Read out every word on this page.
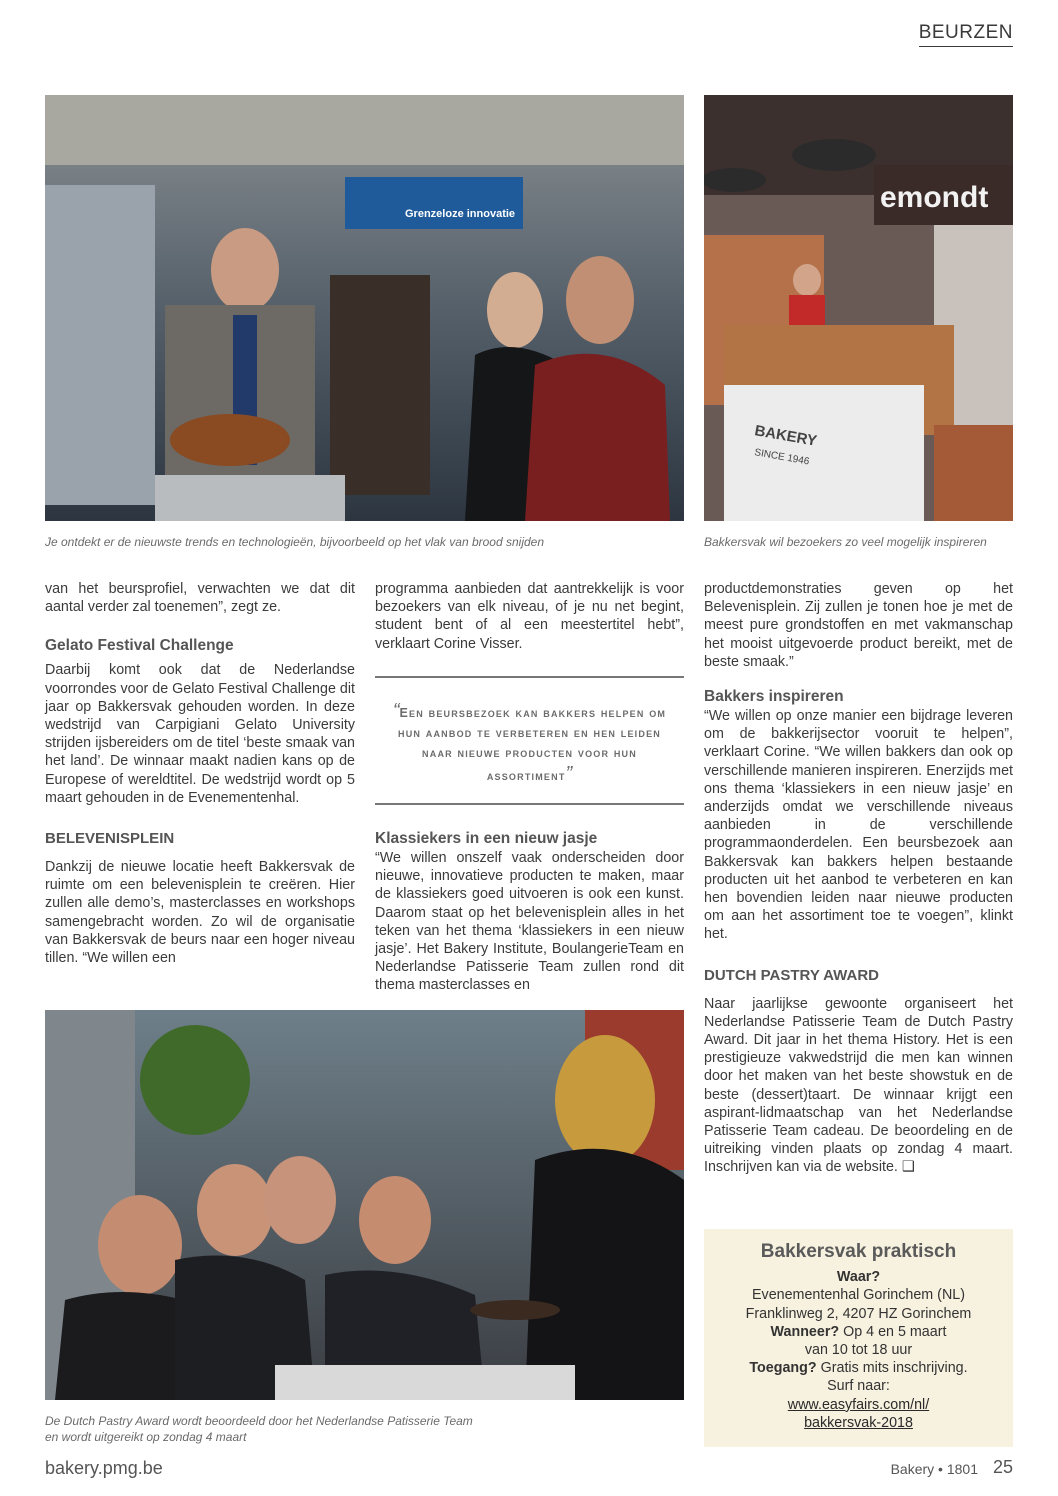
BEURZEN
Grenzeloze innovatie
Je ontdekt er de nieuwste trends en technologieën, bijvoorbeeld op het vlak van brood snijden
emondt
BAKERY
SINCE 1946
Bakkersvak wil bezoekers zo veel mogelijk inspireren

van het beursprofiel, verwachten we dat dit aantal verder zal toenemen”, zegt ze.

Gelato Festival Challenge

Daarbij komt ook dat de Nederlandse voorrondes voor de Gelato Festival Challenge dit jaar op Bakkersvak gehouden worden. In deze wedstrijd van Carpigiani Gelato University strijden ijsbereiders om de titel ‘beste smaak van het land’. De winnaar maakt nadien kans op de Europese of wereldtitel. De wedstrijd wordt op 5 maart gehouden in de Evenementenhal.

BELEVENISPLEIN

Dankzij de nieuwe locatie heeft Bakkersvak de ruimte om een belevenisplein te creëren. Hier zullen alle demo’s, masterclasses en workshops samengebracht worden. Zo wil de organisatie van Bakkersvak de beurs naar een hoger niveau tillen. “We willen een

programma aanbieden dat aantrekkelijk is voor bezoekers van elk niveau, of je nu net begint, student bent of al een meestertitel hebt”, verklaart Corine Visser.

“Een beursbezoek kan bakkers helpen om hun aanbod te verbeteren en hen leiden naar nieuwe producten voor hun assortiment”
Klassiekers in een nieuw jasje

“We willen onszelf vaak onderscheiden door nieuwe, innovatieve producten te maken, maar de klassiekers goed uitvoeren is ook een kunst. Daarom staat op het belevenisplein alles in het teken van het thema ‘klassiekers in een nieuw jasje’. Het Bakery Institute, BoulangerieTeam en Nederlandse Patisserie Team zullen rond dit thema masterclasses en

productdemonstraties geven op het Belevenisplein. Zij zullen je tonen hoe je met de meest pure grondstoffen en met vakmanschap het mooist uitgevoerde product bereikt, met de beste smaak.”

Bakkers inspireren

“We willen op onze manier een bijdrage leveren om de bakkerijsector vooruit te helpen”, verklaart Corine. “We willen bakkers dan ook op verschillende manieren inspireren. Enerzijds met ons thema ‘klassiekers in een nieuw jasje’ en anderzijds omdat we verschillende niveaus aanbieden in de verschillende programmaonderdelen. Een beursbezoek aan Bakkersvak kan bakkers helpen bestaande producten uit het aanbod te verbeteren en kan hen bovendien leiden naar nieuwe producten om aan het assortiment toe te voegen”, klinkt het.

DUTCH PASTRY AWARD

Naar jaarlijkse gewoonte organiseert het Nederlandse Patisserie Team de Dutch Pastry Award. Dit jaar in het thema History. Het is een prestigieuze vakwedstrijd die men kan winnen door het maken van het beste showstuk en de beste (dessert)taart. De winnaar krijgt een aspirant-lidmaatschap van het Nederlandse Patisserie Team cadeau. De beoordeling en de uitreiking vinden plaats op zondag 4 maart. Inschrijven kan via de website. ❑

De Dutch Pastry Award wordt beoordeeld door het Nederlandse Patisserie Team
en wordt uitgereikt op zondag 4 maart
Bakkersvak praktisch
Waar?
Evenementenhal Gorinchem (NL)
Franklinweg 2, 4207 HZ Gorinchem
Wanneer? Op 4 en 5 maart
van 10 tot 18 uur
Toegang? Gratis mits inschrijving.
Surf naar:
www.easyfairs.com/nl/
bakkersvak-2018
bakery.pmg.be	Bakery • 1801 25
